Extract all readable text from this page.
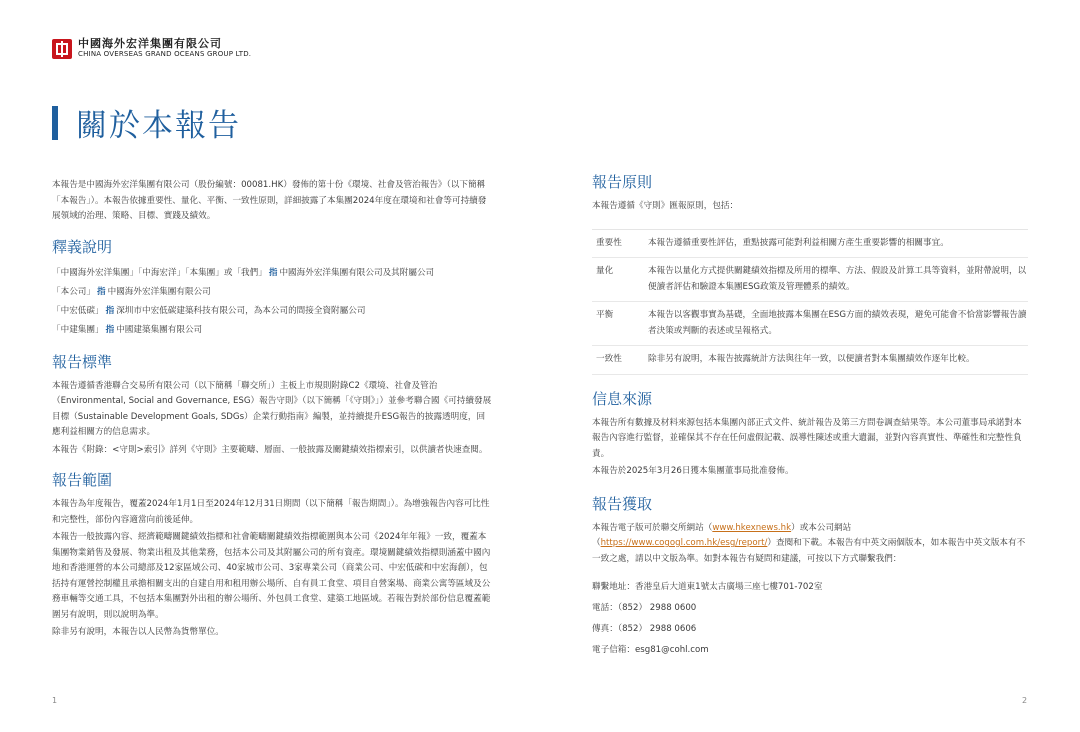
中國海外宏洋集團有限公司
CHINA OVERSEAS GRAND OCEANS GROUP LTD.
關於本報告

本報告是中國海外宏洋集團有限公司（股份編號：00081.HK）發佈的第十份《環境、社會及管治報告》（以下簡稱「本報告」）。本報告依據重要性、量化、平衡、一致性原則，詳細披露了本集團2024年度在環境和社會等可持續發展領域的治理、策略、目標、實踐及績效。

釋義說明

「中國海外宏洋集團」「中海宏洋」「本集團」或「我們」 指 中國海外宏洋集團有限公司及其附屬公司

「本公司」 指 中國海外宏洋集團有限公司

「中宏低碳」 指 深圳市中宏低碳建築科技有限公司，為本公司的間接全資附屬公司

「中建集團」 指 中國建築集團有限公司

報告標準

本報告遵循香港聯合交易所有限公司（以下簡稱「聯交所」）主板上市規則附錄C2《環境、社會及管治（Environmental, Social and Governance, ESG）報告守則》（以下簡稱「《守則》」）並參考聯合國《可持續發展目標（Sustainable Development Goals, SDGs）企業行動指南》編製，並持續提升ESG報告的披露透明度，回應利益相關方的信息需求。

本報告《附錄：<守則>索引》詳列《守則》主要範疇、層面、一般披露及關鍵績效指標索引，以供讀者快速查閱。

報告範圍

本報告為年度報告，覆蓋2024年1月1日至2024年12月31日期間（以下簡稱「報告期間」）。為增強報告內容可比性和完整性，部份內容適當向前後延伸。

本報告一般披露內容、經濟範疇關鍵績效指標和社會範疇關鍵績效指標範圍與本公司《2024年年報》一致，覆蓋本集團物業銷售及發展、物業出租及其他業務，包括本公司及其附屬公司的所有資產。環境關鍵績效指標則涵蓋中國內地和香港運營的本公司總部及12家區域公司、40家城市公司、3家專業公司（商業公司、中宏低碳和中宏海創），包括持有運營控制權且承擔相關支出的自建自用和租用辦公場所、自有員工食堂、項目自營案場、商業公寓等區域及公務車輛等交通工具，不包括本集團對外出租的辦公場所、外包員工食堂、建築工地區域。若報告對於部份信息覆蓋範圍另有說明，則以說明為準。

除非另有說明，本報告以人民幣為貨幣單位。

報告原則

本報告遵循《守則》匯報原則，包括：

重要性	本報告遵循重要性評估，重點披露可能對利益相關方產生重要影響的相關事宜。
量化	本報告以量化方式提供關鍵績效指標及所用的標準、方法、假設及計算工具等資料，並附帶說明，以便讀者評估和驗證本集團ESG政策及管理體系的績效。
平衡	本報告以客觀事實為基礎，全面地披露本集團在ESG方面的績效表現，避免可能會不恰當影響報告讀者決策或判斷的表述或呈報格式。
一致性	除非另有說明，本報告披露統計方法與往年一致，以便讀者對本集團績效作逐年比較。
信息來源

本報告所有數據及材料來源包括本集團內部正式文件、統計報告及第三方問卷調查結果等。本公司董事局承諾對本報告內容進行監督，並確保其不存在任何虛假記載、誤導性陳述或重大遺漏，並對內容真實性、準確性和完整性負責。

本報告於2025年3月26日獲本集團董事局批准發佈。

報告獲取

本報告電子版可於聯交所網站（www.hkexnews.hk）或本公司網站（https://www.cogogl.com.hk/esg/report/）查閱和下載。本報告有中英文兩個版本，如本報告中英文版本有不一致之處，請以中文版為準。如對本報告有疑問和建議，可按以下方式聯繫我們：

聯繫地址：香港皇后大道東1號太古廣場三座七樓701-702室

電話：（852） 2988 0600

傳真：（852） 2988 0606

電子信箱：esg81@cohl.com

1	2
